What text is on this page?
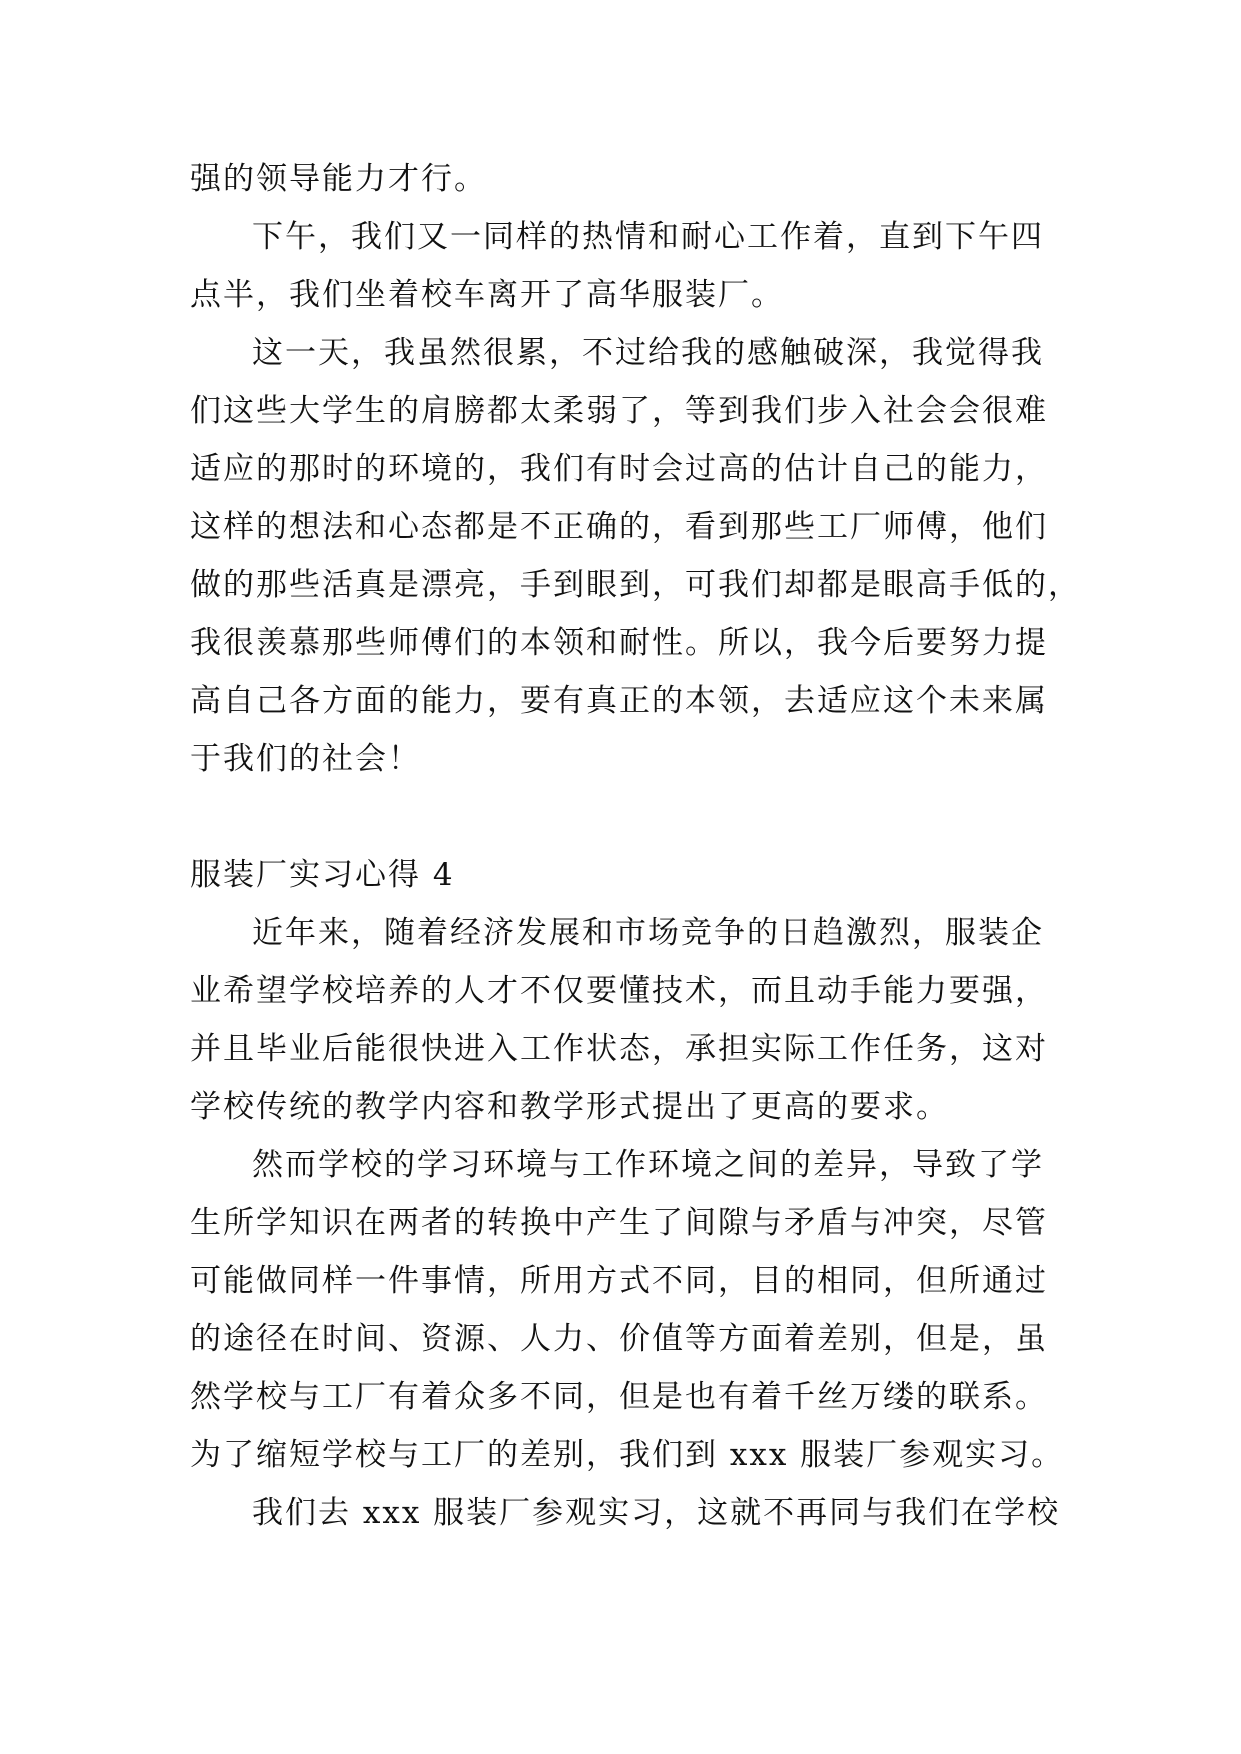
强的领导能力才行。

下午，我们又一同样的热情和耐心工作着，直到下午四
点半，我们坐着校车离开了高华服装厂。

这一天，我虽然很累，不过给我的感触破深，我觉得我
们这些大学生的肩膀都太柔弱了，等到我们步入社会会很难
适应的那时的环境的，我们有时会过高的估计自己的能力，
这样的想法和心态都是不正确的，看到那些工厂师傅，他们
做的那些活真是漂亮，手到眼到，可我们却都是眼高手低的，
我很羡慕那些师傅们的本领和耐性。所以，我今后要努力提
高自己各方面的能力，要有真正的本领，去适应这个未来属
于我们的社会！

服装厂实习心得 4

近年来，随着经济发展和市场竞争的日趋激烈，服装企
业希望学校培养的人才不仅要懂技术，而且动手能力要强，
并且毕业后能很快进入工作状态，承担实际工作任务，这对
学校传统的教学内容和教学形式提出了更高的要求。

然而学校的学习环境与工作环境之间的差异，导致了学
生所学知识在两者的转换中产生了间隙与矛盾与冲突，尽管
可能做同样一件事情，所用方式不同，目的相同，但所通过
的途径在时间、资源、人力、价值等方面着差别，但是，虽
然学校与工厂有着众多不同，但是也有着千丝万缕的联系。
为了缩短学校与工厂的差别，我们到 xxx 服装厂参观实习。

我们去 xxx 服装厂参观实习，这就不再同与我们在学校
